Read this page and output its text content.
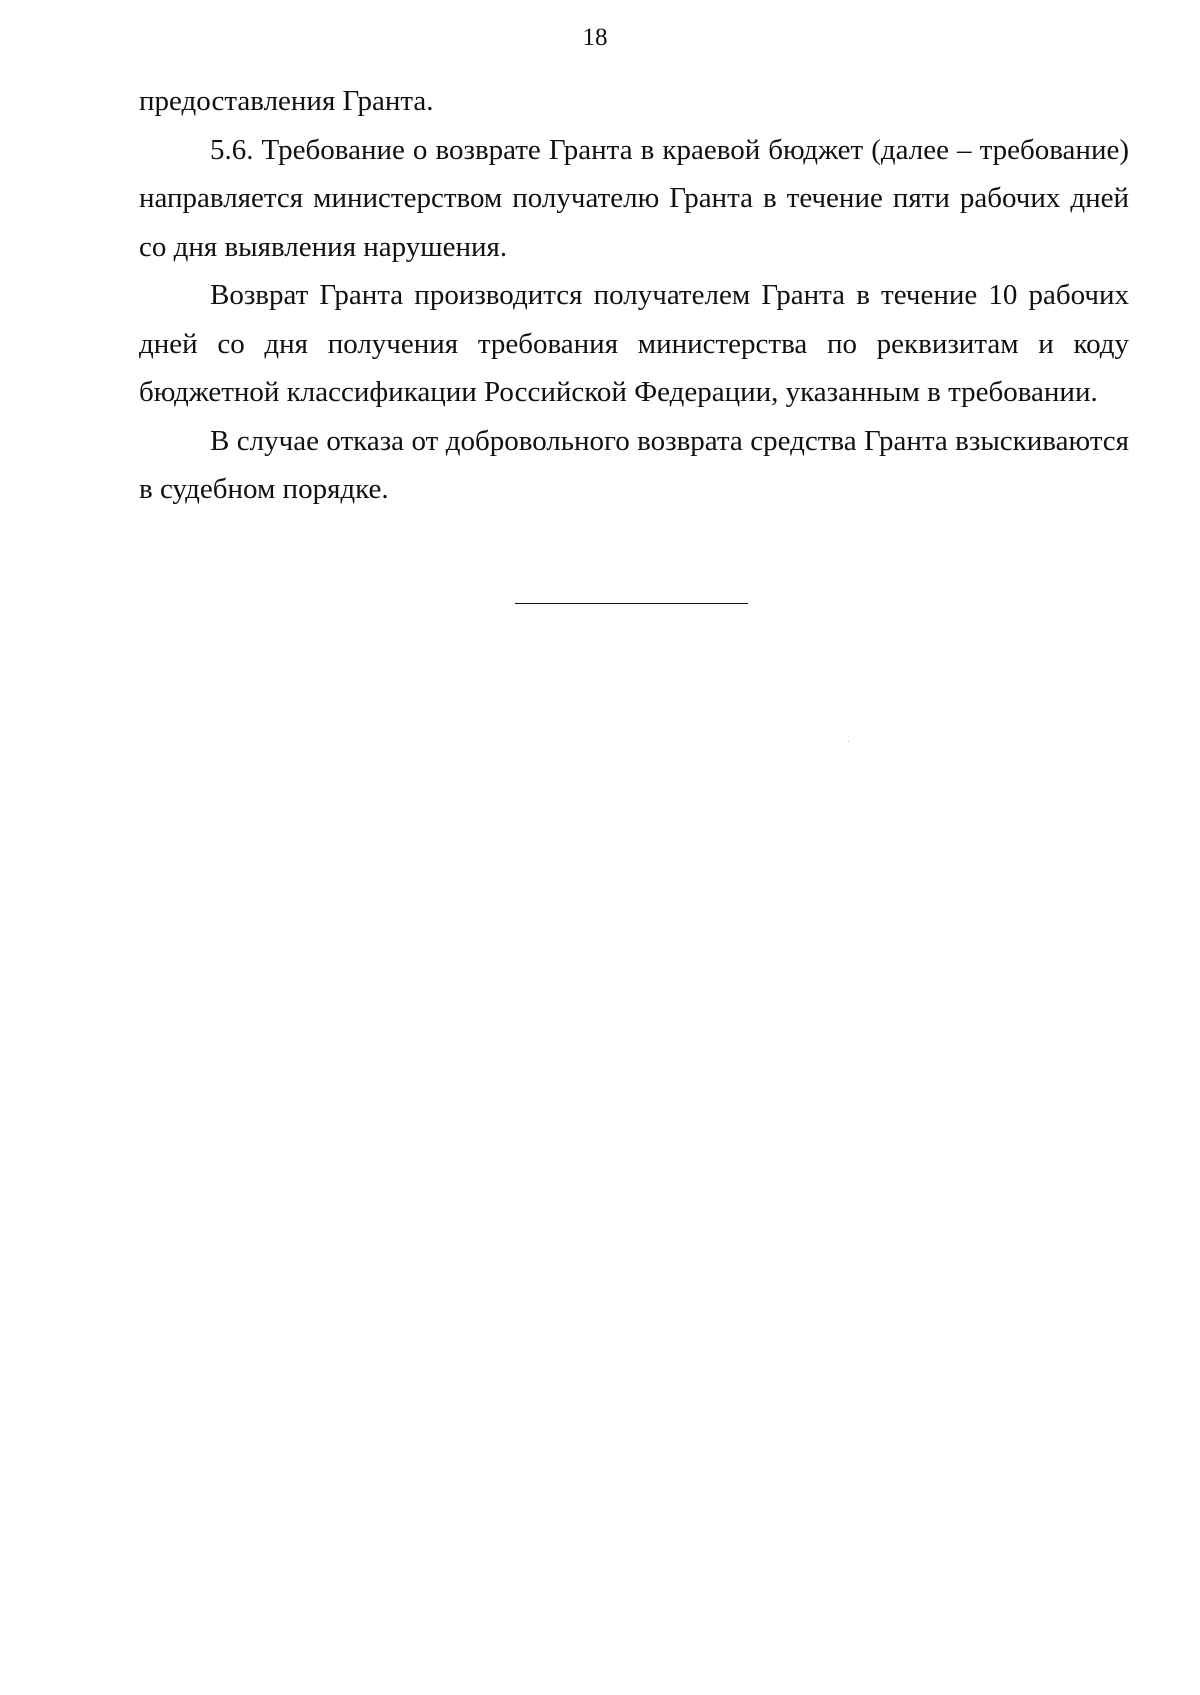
18

предоставления Гранта.

5.6. Требование о возврате Гранта в краевой бюджет (далее – требование) направляется министерством получателю Гранта в течение пяти рабочих дней со дня выявления нарушения.

Возврат Гранта производится получателем Гранта в течение 10 рабочих дней со дня получения требования министерства по реквизитам и коду бюджетной классификации Российской Федерации, указанным в требовании.

В случае отказа от добровольного возврата средства Гранта взыскиваются в судебном порядке.
